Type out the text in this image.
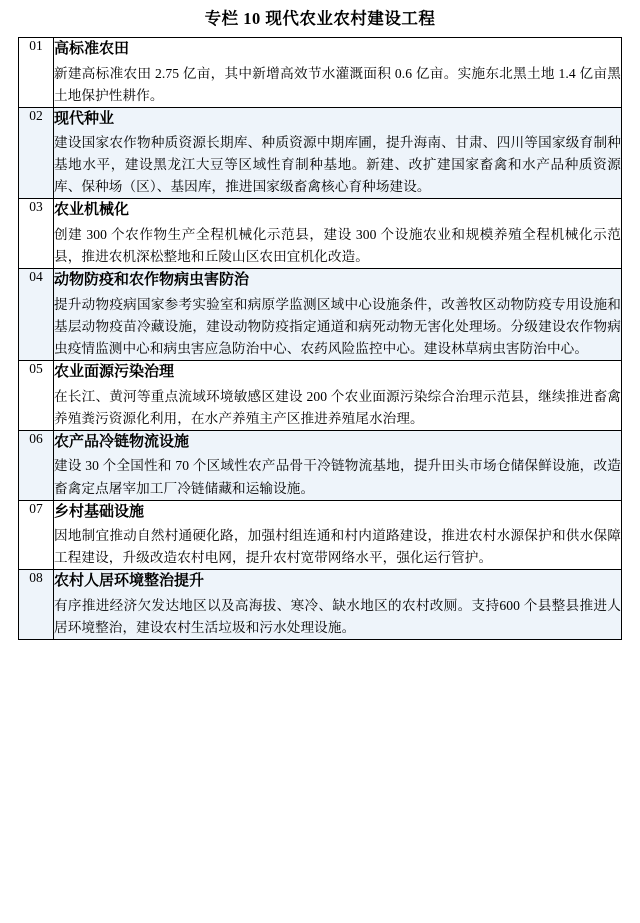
专栏 10 现代农业农村建设工程
01	高标准农田
新建高标准农田 2.75 亿亩，其中新增高效节水灌溉面积 0.6 亿亩。实施东北黑土地 1.4 亿亩黑土地保护性耕作。

02	现代种业
建设国家农作物种质资源长期库、种质资源中期库圃，提升海南、甘肃、四川等国家级育制种基地水平，建设黑龙江大豆等区域性育制种基地。新建、改扩建国家畜禽和水产品种质资源库、保种场（区）、基因库，推进国家级畜禽核心育种场建设。

03	农业机械化
创建 300 个农作物生产全程机械化示范县，建设 300 个设施农业和规模养殖全程机械化示范县，推进农机深松整地和丘陵山区农田宜机化改造。

04	动物防疫和农作物病虫害防治
提升动物疫病国家参考实验室和病原学监测区域中心设施条件，改善牧区动物防疫专用设施和基层动物疫苗冷藏设施，建设动物防疫指定通道和病死动物无害化处理场。分级建设农作物病虫疫情监测中心和病虫害应急防治中心、农药风险监控中心。建设林草病虫害防治中心。

05	农业面源污染治理
在长江、黄河等重点流域环境敏感区建设 200 个农业面源污染综合治理示范县，继续推进畜禽养殖粪污资源化利用，在水产养殖主产区推进养殖尾水治理。

06	农产品冷链物流设施
建设 30 个全国性和 70 个区域性农产品骨干冷链物流基地，提升田头市场仓储保鲜设施，改造畜禽定点屠宰加工厂冷链储藏和运输设施。

07	乡村基础设施
因地制宜推动自然村通硬化路，加强村组连通和村内道路建设，推进农村水源保护和供水保障工程建设，升级改造农村电网，提升农村宽带网络水平，强化运行管护。

08	农村人居环境整治提升
有序推进经济欠发达地区以及高海拔、寒冷、缺水地区的农村改厕。支持600 个县整县推进人居环境整治，建设农村生活垃圾和污水处理设施。
